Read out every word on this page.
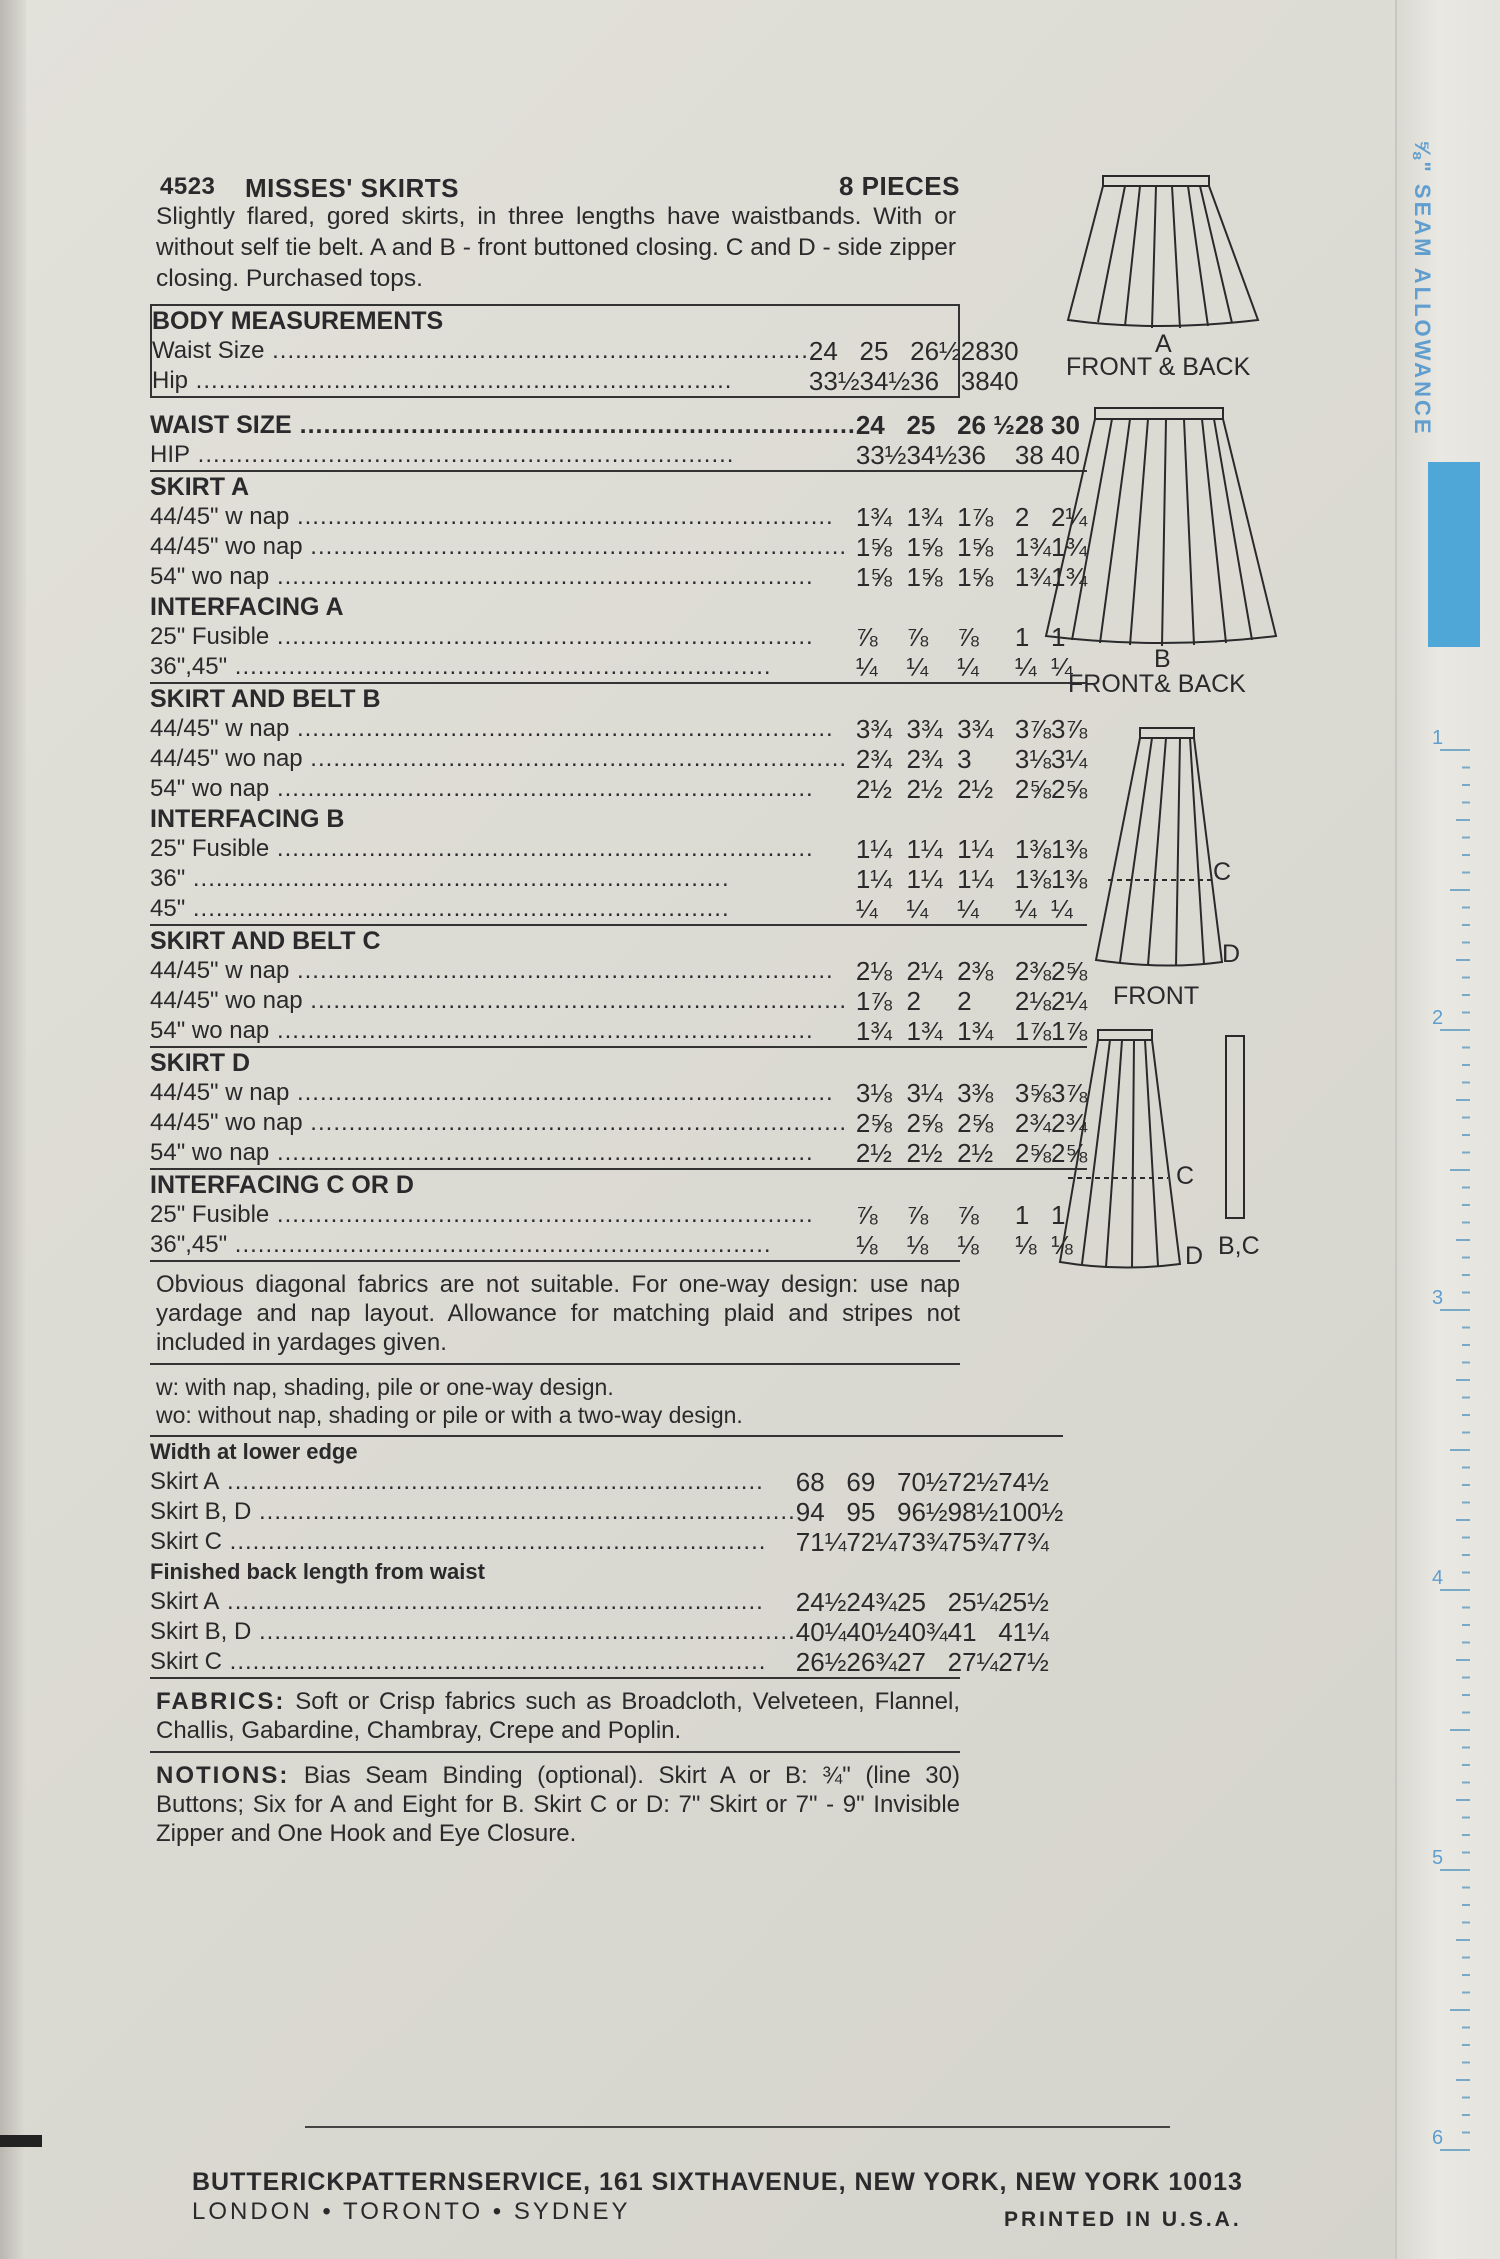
⅝" SEAM ALLOWANCE
1
2
3
4
5
6
4523 MISSES' SKIRTS	8 PIECES
Slightly flared, gored skirts, in three lengths have waistbands. With or without self tie belt. A and B - front buttoned closing. C and D - side zipper closing. Purchased tops.
BODY MEASUREMENTS					
Waist Size .....	24	25	26½	28	30
Hip .....	33½	34½	36	38	40
WAIST SIZE .....	24	25	26 ½	28	30
HIP .....	33½	34½	36	38	40
SKIRT A					
44/45" w nap .....	1¾	1¾	1⅞	2	2¼
44/45" wo nap .....	1⅝	1⅝	1⅝	1¾	1¾
54" wo nap .....	1⅝	1⅝	1⅝	1¾	1¾
INTERFACING A					
25" Fusible .....	⅞	⅞	⅞	1	1
36",45" .....	¼	¼	¼	¼	¼
SKIRT AND BELT B					
44/45" w nap .....	3¾	3¾	3¾	3⅞	3⅞
44/45" wo nap .....	2¾	2¾	3	3⅛	3¼
54" wo nap .....	2½	2½	2½	2⅝	2⅝
INTERFACING B					
25" Fusible .....	1¼	1¼	1¼	1⅜	1⅜
36" .....	1¼	1¼	1¼	1⅜	1⅜
45" .....	¼	¼	¼	¼	¼
SKIRT AND BELT C					
44/45" w nap .....	2⅛	2¼	2⅜	2⅜	2⅝
44/45" wo nap .....	1⅞	2	2	2⅛	2¼
54" wo nap .....	1¾	1¾	1¾	1⅞	1⅞
SKIRT D					
44/45" w nap .....	3⅛	3¼	3⅜	3⅝	3⅞
44/45" wo nap .....	2⅝	2⅝	2⅝	2¾	2¾
54" wo nap .....	2½	2½	2½	2⅝	2⅝
INTERFACING C OR D					
25" Fusible .....	⅞	⅞	⅞	1	1
36",45" .....	⅛	⅛	⅛	⅛	⅛
Obvious diagonal fabrics are not suitable. For one-way design: use nap yardage and nap layout. Allowance for matching plaid and stripes not included in yardages given.
w: with nap, shading, pile or one-way design.
wo: without nap, shading or pile or with a two-way design.
Width at lower edge					
Skirt A .....	68	69	70½	72½	74½
Skirt B, D .....	94	95	96½	98½	100½
Skirt C .....	71¼	72¼	73¾	75¾	77¾
Finished back length from waist					
Skirt A .....	24½	24¾	25	25¼	25½
Skirt B, D .....	40¼	40½	40¾	41	41¼
Skirt C .....	26½	26¾	27	27¼	27½
FABRICS: Soft or Crisp fabrics such as Broadcloth, Velveteen, Flannel, Challis, Gabardine, Chambray, Crepe and Poplin.
NOTIONS: Bias Seam Binding (optional). Skirt A or B: ¾" (line 30) Buttons; Six for A and Eight for B. Skirt C or D: 7" Skirt or 7" - 9" Invisible Zipper and One Hook and Eye Closure.
A
FRONT & BACK
B
FRONT& BACK
C
D
FRONT
C
D B,C
BUTTERICKPATTERNSERVICE, 161 SIXTHAVENUE, NEW YORK, NEW YORK 10013
LONDON • TORONTO • SYDNEY	PRINTED IN U.S.A.
